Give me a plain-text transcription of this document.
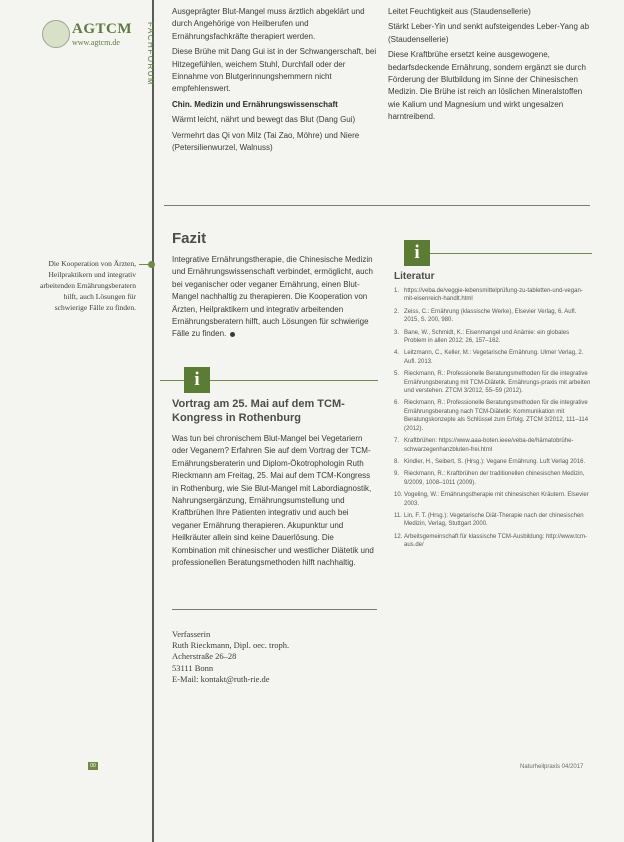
AGTCM
www.agtcm.de	FACHFORUM

Ausgeprägter Blut-Mangel muss ärztlich abgeklärt und durch Angehörige von Heilberufen und Ernährungsfachkräfte therapiert werden.

Diese Brühe mit Dang Gui ist in der Schwangerschaft, bei Hitzegefühlen, weichem Stuhl, Durchfall oder der Einnahme von Blutgerinnungshemmern nicht empfehlenswert.

Chin. Medizin und Ernährungswissenschaft

Wärmt leicht, nährt und bewegt das Blut (Dang Gui)

Vermehrt das Qi von Milz (Tai Zao, Möhre) und Niere (Petersilienwurzel, Walnuss)

Leitet Feuchtigkeit aus (Staudensellerie)

Stärkt Leber-Yin und senkt aufsteigendes Leber-Yang ab (Staudensellerie)

Diese Kraftbrühe ersetzt keine ausgewogene, bedarfsdeckende Ernährung, sondern ergänzt sie durch Förderung der Blutbildung im Sinne der Chinesischen Medizin. Die Brühe ist reich an löslichen Mineralstoffen wie Kalium und Magnesium und wirkt ungesalzen harntreibend.

Fazit

Integrative Ernährungstherapie, die Chinesische Medizin und Ernährungswissenschaft verbindet, ermöglicht, auch bei veganischer oder veganer Ernährung, einen Blut-Mangel nachhaltig zu therapieren. Die Kooperation von Ärzten, Heilpraktikern und integrativ arbeitenden Ernährungsberatern hilft, auch Lösungen für schwierige Fälle zu finden.

Die Kooperation von Ärzten, Heilpraktikern und integrativ arbeitenden Ernährungsberatern hilft, auch Lösungen für schwierige Fälle zu finden.
i
Vortrag am 25. Mai auf dem TCM-Kongress in Rothenburg

Was tun bei chronischem Blut-Mangel bei Vegetariern oder Veganern? Erfahren Sie auf dem Vortrag der TCM-Ernährungsberaterin und Diplom-Ökotrophologin Ruth Rieckmann am Freitag, 25. Mai auf dem TCM-Kongress in Rothenburg, wie Sie Blut-Mangel mit Labordiagnostik, Nahrungsergänzung, Ernährungsumstellung und Kraftbrühen Ihre Patienten integrativ und auch bei veganer Ernährung therapieren. Akupunktur und Heilkräuter allein sind keine Dauerlösung. Die Kombination mit chinesischer und westlicher Diätetik und professionellen Beratungsmethoden hilft nachhaltig.

i
Literatur
1. https://veba.de/veggie-lebensmittelprüfung-zu-tabletten-und-vegan-mit-eisenreich-handlt.html
2. Zeiss, C.: Ernährung (klassische Werke), Elsevier Verlag, 6. Aufl. 2015, S. 200, 980.
3. Bane, W., Schmidt, K.: Eisenmangel und Anämie: ein globales Problem in allen 2012; 26, 157–162.
4. Leitzmann, C., Keller, M.: Vegetarische Ernährung. Ulmer Verlag, 2. Aufl. 2013.
5. Rieckmann, R.: Professionelle Beratungsmethoden für die integrative Ernährungsberatung mit TCM-Diätetik. Ernährungs-praxis mit arbeiten und verstehen. ZTCM 3/2012, 55–59 (2012).
6. Rieckmann, R.: Professionelle Beratungsmethoden für die integrative Ernährungsberatung nach TCM-Diätetik: Kommunikation mit Beratungskonzepte als Schlüssel zum Erfolg. ZTCM 3/2012, 111–114 (2012).
7. Kraftbrühen: https://www.aaa-boten.ieee/veba-de/hämatobrühe-schwarzegenhanzbluten-frei.html
8. Kindler, H., Seibert, S. (Hrsg.): Vegane Ernährung. Luft Verlag 2016.
9. Rieckmann, R.: Kraftbrühen der traditionellen chinesischen Medizin, 9/2009, 1008–1011 (2009).
10. Vogeling, W.: Ernährungstherapie mit chinesischen Kräutern. Elsevier 2003.
11. Lin, F. T. (Hrsg.): Vegetarische Diät-Therapie nach der chinesischen Medizin, Verlag, Stuttgart 2000.
12. Arbeitsgemeinschaft für klassische TCM-Ausbildung: http://www.tcm-aus.de/
Verfasserin
Ruth Rieckmann, Dipl. oec. troph.
Acherstraße 26–28
53111 Bonn
E-Mail: kontakt@ruth-rie.de
00	Naturheilpraxis 04/2017
